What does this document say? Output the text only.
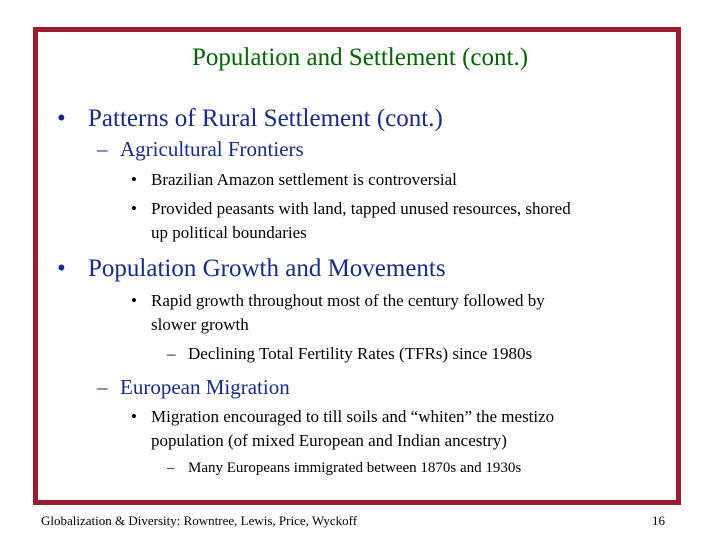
Population and Settlement (cont.)
• Patterns of Rural Settlement (cont.)
– Agricultural Frontiers
• Brazilian Amazon settlement is controversial
• Provided peasants with land, tapped unused resources, shored
up political boundaries
• Population Growth and Movements
• Rapid growth throughout most of the century followed by
slower growth
– Declining Total Fertility Rates (TFRs) since 1980s
– European Migration
• Migration encouraged to till soils and “whiten” the mestizo
population (of mixed European and Indian ancestry)
– Many Europeans immigrated between 1870s and 1930s
Globalization & Diversity: Rowntree, Lewis, Price, Wyckoff	16
